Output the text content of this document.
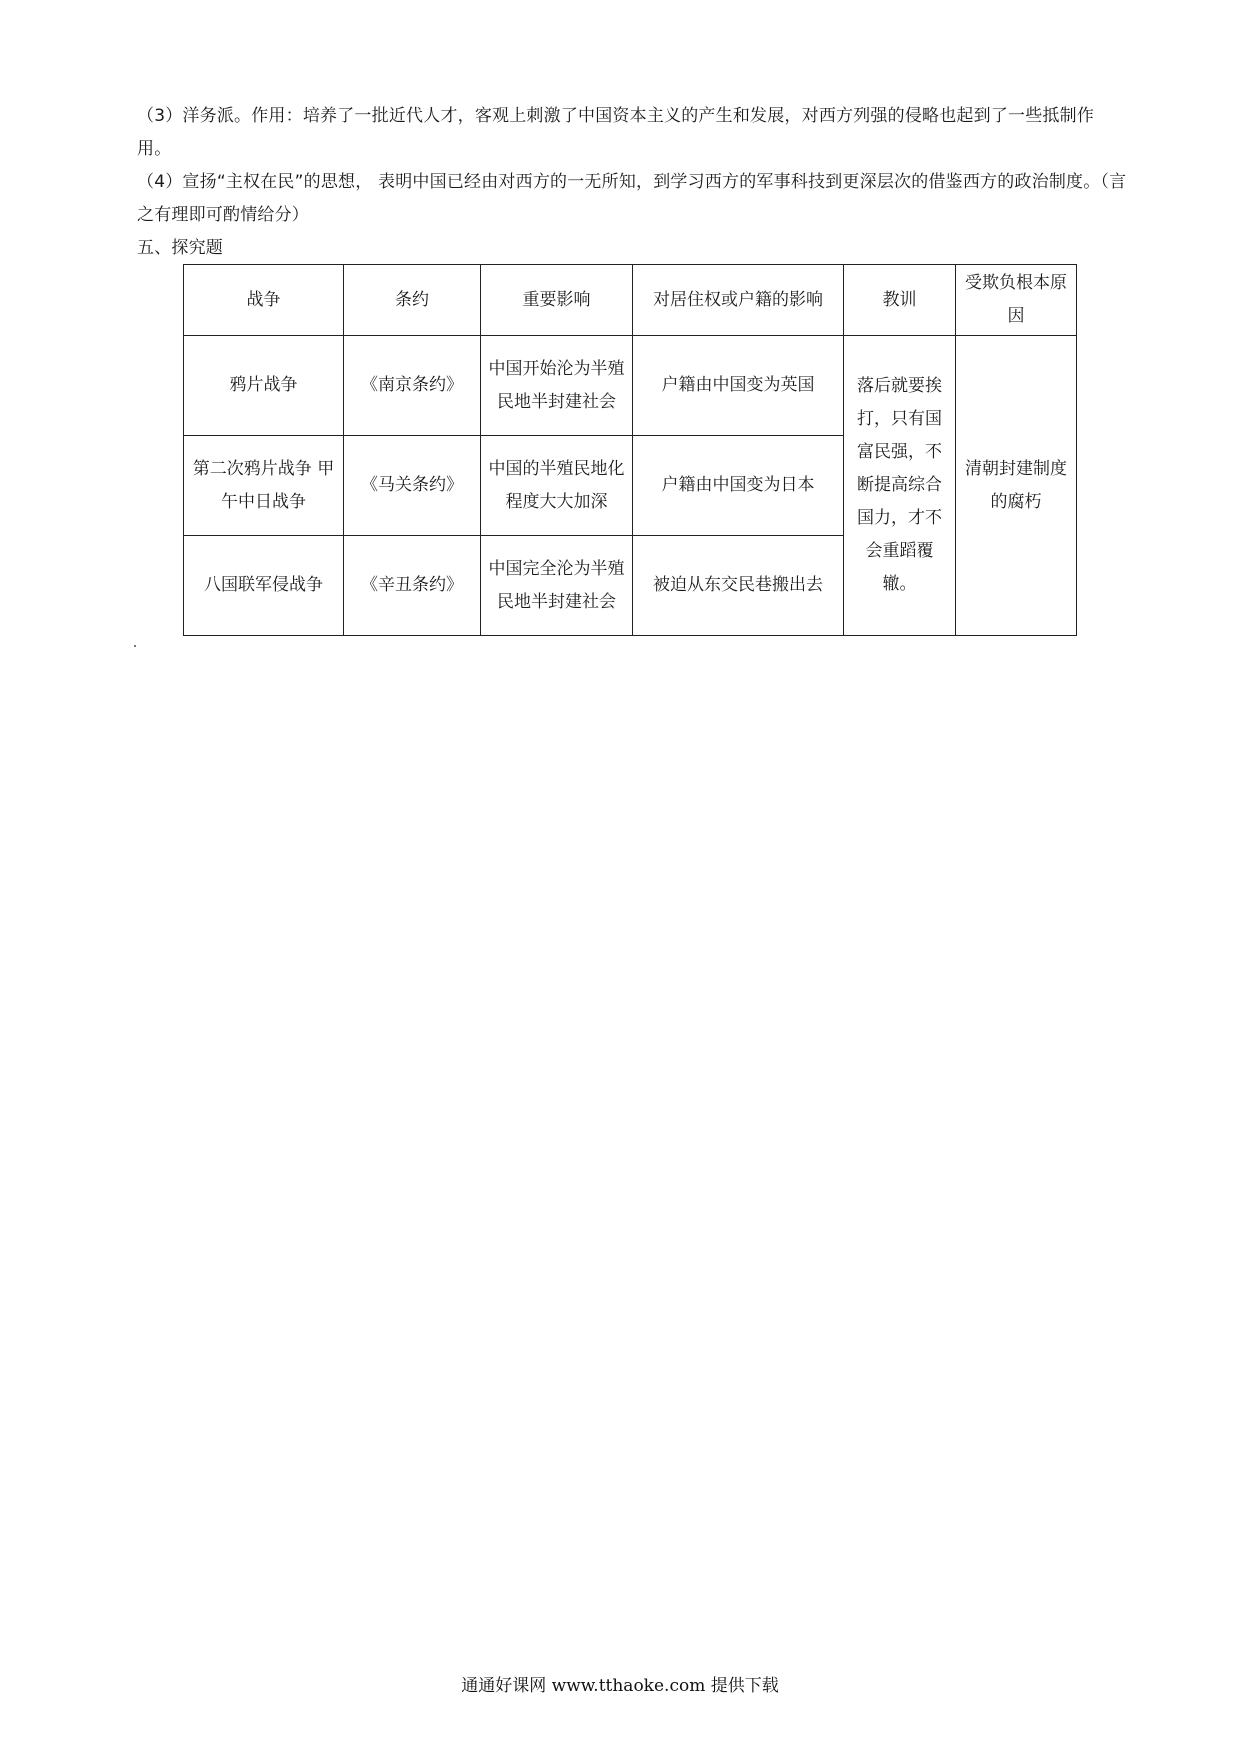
（3）洋务派。作用：培养了一批近代人才，客观上刺激了中国资本主义的产生和发展，对西方列强的侵略也起到了一些抵制作用。
（4）宣扬“主权在民”的思想， 表明中国已经由对西方的一无所知，到学习西方的军事科技到更深层次的借鉴西方的政治制度。（言之有理即可酌情给分）
五、探究题
战争	条约	重要影响	对居住权或户籍的影响	教训	受欺负根本原因
鸦片战争	《南京条约》	中国开始沦为半殖民地半封建社会	户籍由中国变为英国	落后就要挨打，只有国富民强，不断提高综合国力，才不会重蹈覆辙。	清朝封建制度的腐朽
第二次鸦片战争 甲午中日战争	《马关条约》	中国的半殖民地化程度大大加深	户籍由中国变为日本		
八国联军侵战争	《辛丑条约》	中国完全沦为半殖民地半封建社会	被迫从东交民巷搬出去		
通通好课网 www.tthaoke.com 提供下载
